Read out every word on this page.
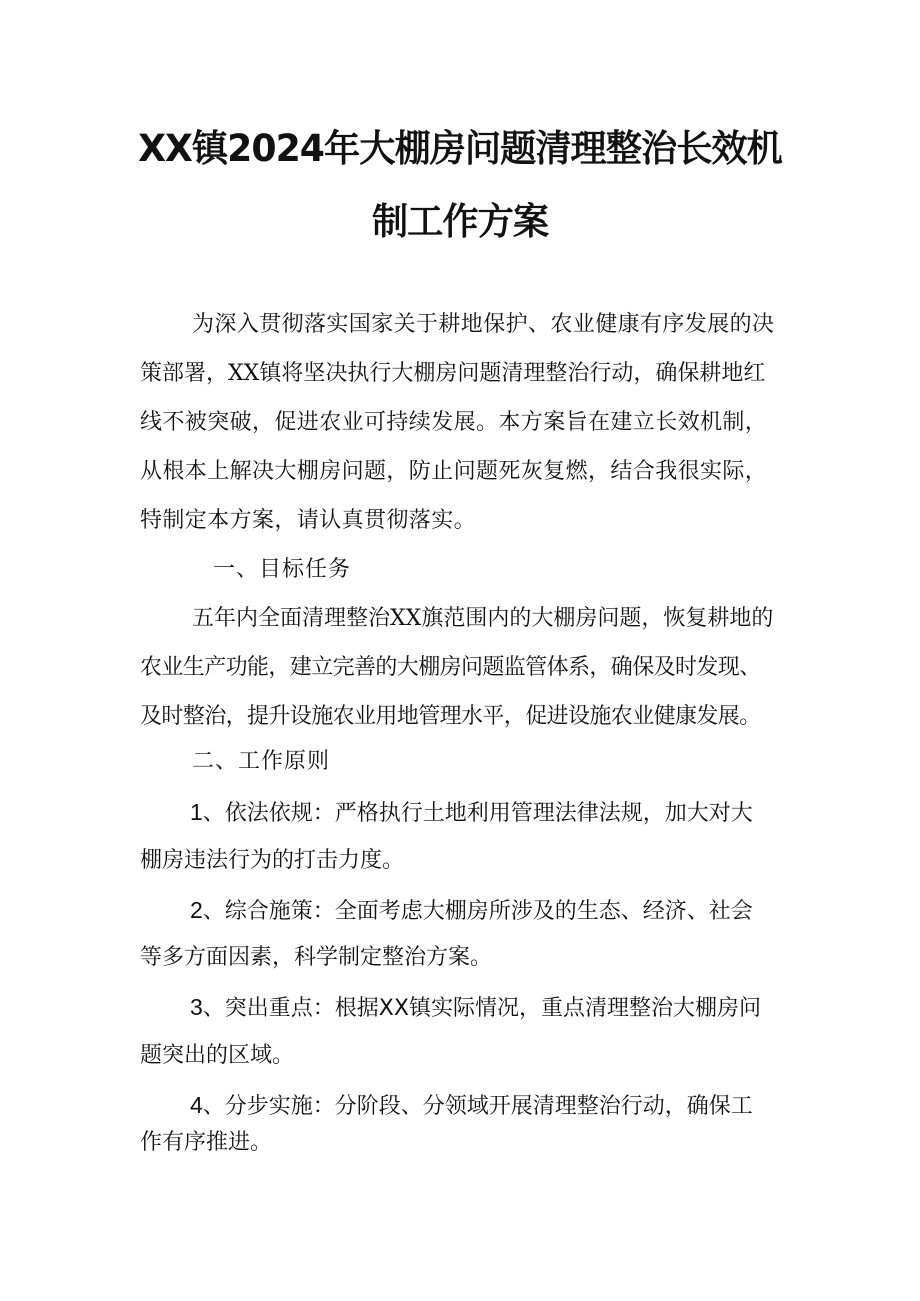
XX镇2024年大棚房问题清理整治长效机
制工作方案
为深入贯彻落实国家关于耕地保护、农业健康有序发展的决
策部署，XX镇将坚决执行大棚房问题清理整治行动，确保耕地红
线不被突破，促进农业可持续发展。本方案旨在建立长效机制，
从根本上解决大棚房问题，防止问题死灰复燃，结合我很实际，
特制定本方案，请认真贯彻落实。
一、目标任务
五年内全面清理整治XX旗范围内的大棚房问题，恢复耕地的
农业生产功能，建立完善的大棚房问题监管体系，确保及时发现、
及时整治，提升设施农业用地管理水平，促进设施农业健康发展。
二、工作原则
1、依法依规：严格执行土地利用管理法律法规，加大对大
棚房违法行为的打击力度。
2、综合施策：全面考虑大棚房所涉及的生态、经济、社会
等多方面因素，科学制定整治方案。
3、突出重点：根据XX镇实际情况，重点清理整治大棚房问
题突出的区域。
4、分步实施：分阶段、分领域开展清理整治行动，确保工
作有序推进。
